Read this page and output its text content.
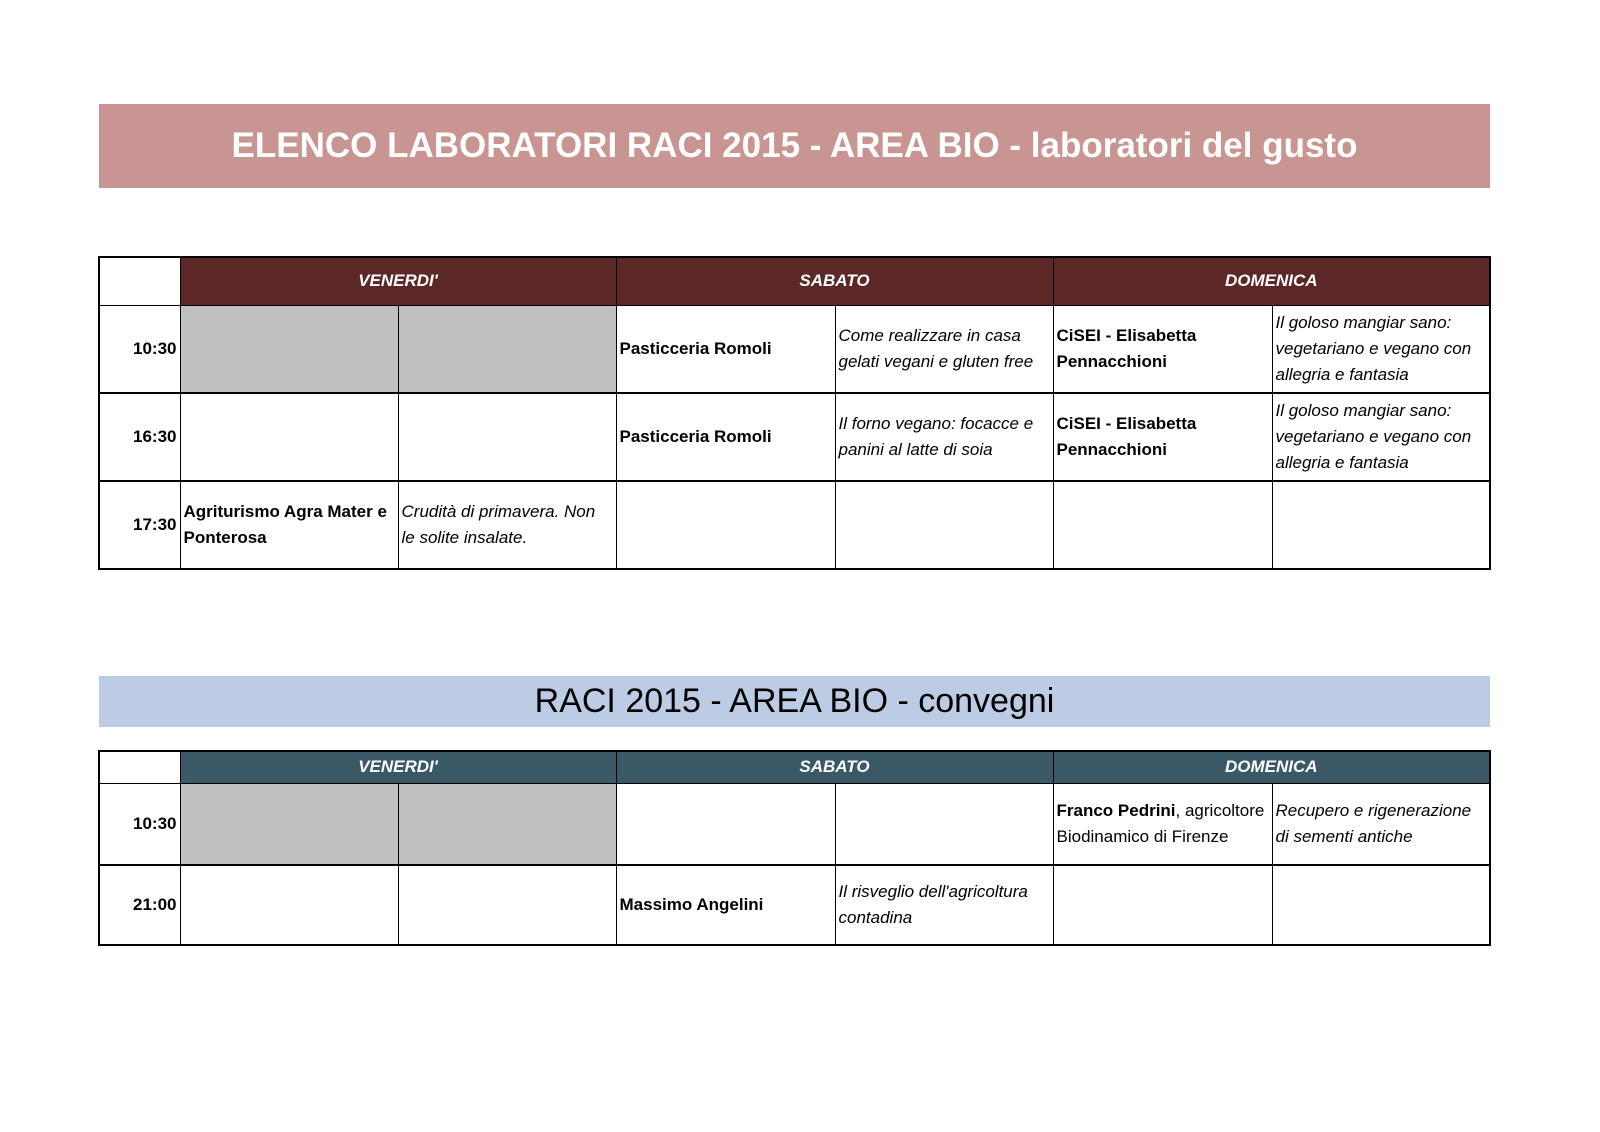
ELENCO LABORATORI RACI 2015 - AREA BIO - laboratori del gusto
	VENERDI'		SABATO		DOMENICA	
10:30			Pasticceria Romoli	Come realizzare in casa gelati vegani e gluten free	CiSEI - Elisabetta Pennacchioni	Il goloso mangiar sano: vegetariano e vegano con allegria e fantasia
16:30			Pasticceria Romoli	Il forno vegano: focacce e panini al latte di soia	CiSEI - Elisabetta Pennacchioni	Il goloso mangiar sano: vegetariano e vegano con allegria e fantasia
17:30	Agriturismo Agra Mater e Ponterosa	Crudità di primavera. Non le solite insalate.				
RACI 2015 - AREA BIO - convegni
	VENERDI'		SABATO		DOMENICA	
10:30					Franco Pedrini, agricoltore Biodinamico di Firenze	Recupero e rigenerazione di sementi antiche
21:00			Massimo Angelini	Il risveglio dell'agricoltura contadina		
